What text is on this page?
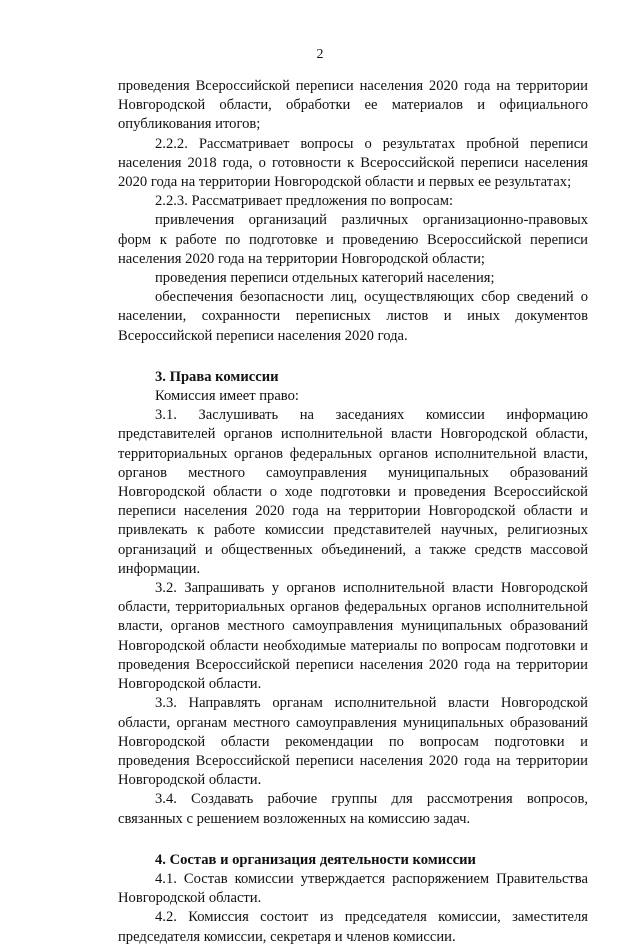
2

проведения Всероссийской переписи населения 2020 года на территории Новгородской области, обработки ее материалов и официального опубликования итогов;

2.2.2. Рассматривает вопросы о результатах пробной переписи населения 2018 года, о готовности к Всероссийской переписи населения 2020 года на территории Новгородской области и первых ее результатах;

2.2.3. Рассматривает предложения по вопросам:

привлечения организаций различных организационно-правовых форм к работе по подготовке и проведению Всероссийской переписи населения 2020 года на территории Новгородской области;

проведения переписи отдельных категорий населения;

обеспечения безопасности лиц, осуществляющих сбор сведений о населении, сохранности переписных листов и иных документов Всероссийской переписи населения 2020 года.

3. Права комиссии

Комиссия имеет право:

3.1. Заслушивать на заседаниях комиссии информацию представителей органов исполнительной власти Новгородской области, территориальных органов федеральных органов исполнительной власти, органов местного самоуправления муниципальных образований Новгородской области о ходе подготовки и проведения Всероссийской переписи населения 2020 года на территории Новгородской области и привлекать к работе комиссии представителей научных, религиозных организаций и общественных объединений, а также средств массовой информации.

3.2. Запрашивать у органов исполнительной власти Новгородской области, территориальных органов федеральных органов исполнительной власти, органов местного самоуправления муниципальных образований Новгородской области необходимые материалы по вопросам подготовки и проведения Всероссийской переписи населения 2020 года на территории Новгородской области.

3.3. Направлять органам исполнительной власти Новгородской области, органам местного самоуправления муниципальных образований Новгородской области рекомендации по вопросам подготовки и проведения Всероссийской переписи населения 2020 года на территории Новгородской области.

3.4. Создавать рабочие группы для рассмотрения вопросов, связанных с решением возложенных на комиссию задач.

4. Состав и организация деятельности комиссии

4.1. Состав комиссии утверждается распоряжением Правительства Новгородской области.

4.2. Комиссия состоит из председателя комиссии, заместителя председателя комиссии, секретаря и членов комиссии.
